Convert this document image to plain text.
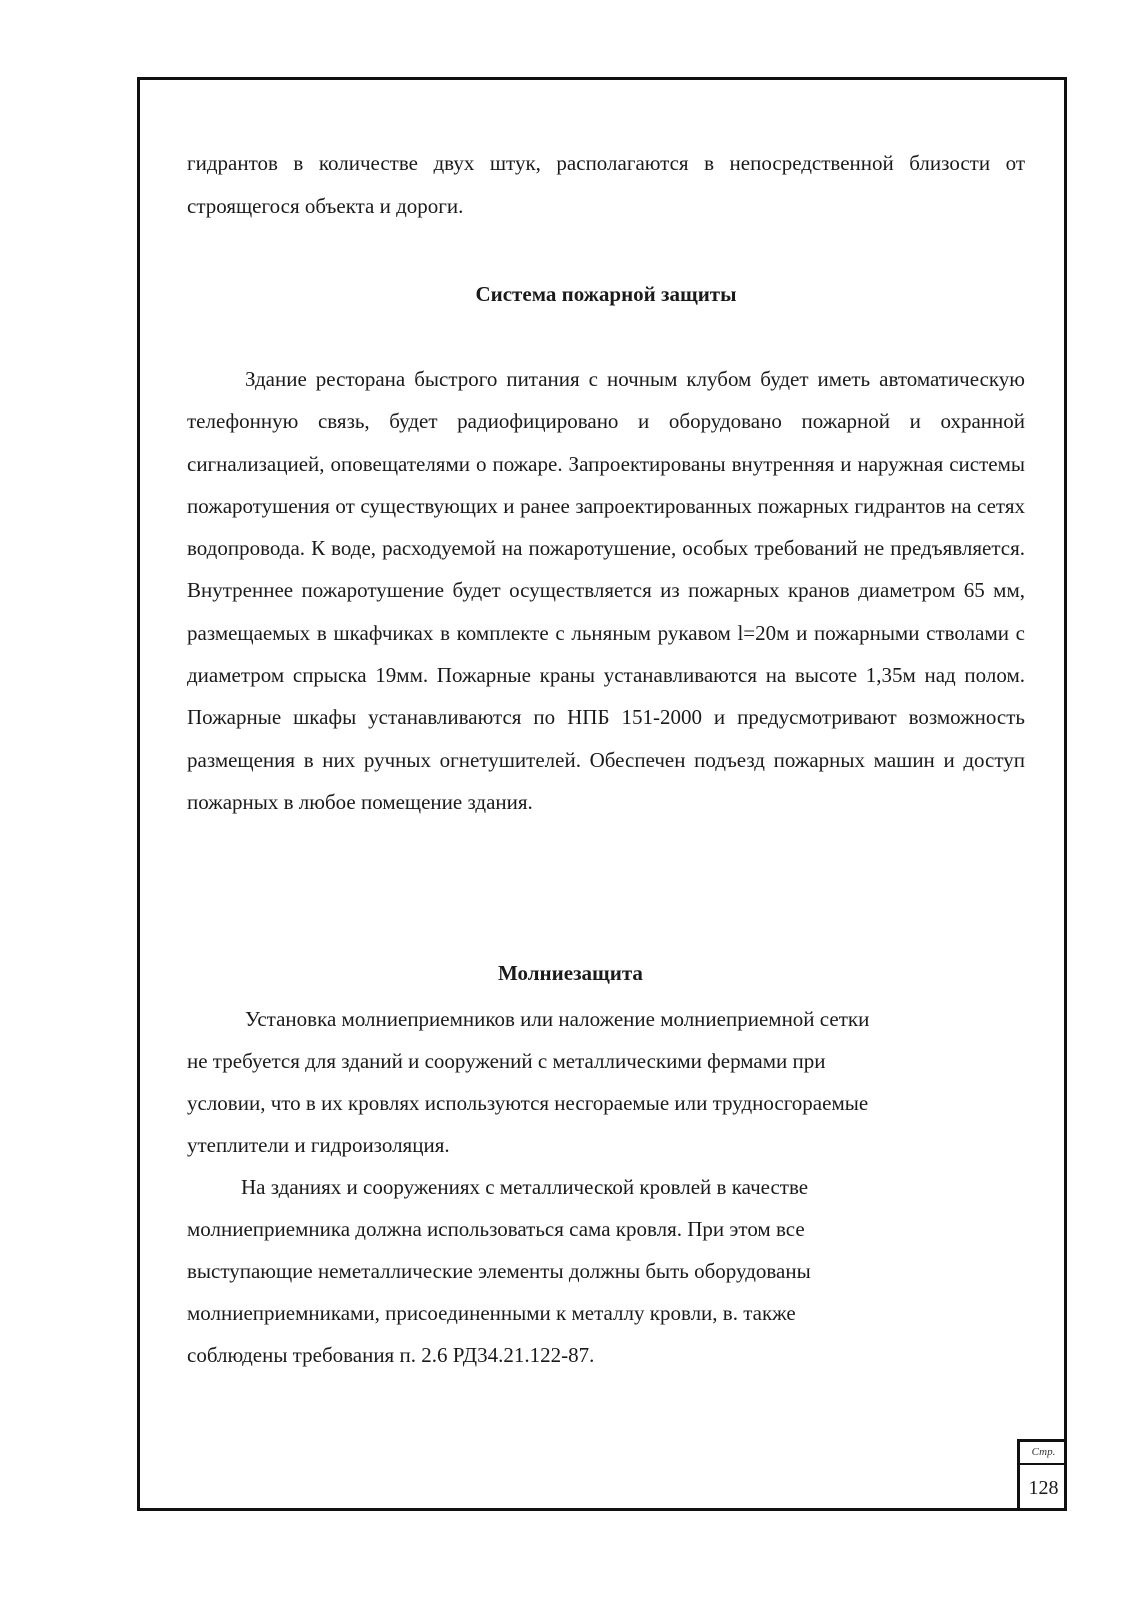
гидрантов в количестве двух штук, располагаются в непосредственной близости от строящегося объекта и дороги.

Система пожарной защиты

Здание ресторана быстрого питания с ночным клубом будет иметь автоматическую телефонную связь, будет радиофицировано и оборудовано пожарной и охранной сигнализацией, оповещателями о пожаре. Запроектированы внутренняя и наружная системы пожаротушения от существующих и ранее запроектированных пожарных гидрантов на сетях водопровода. К воде, расходуемой на пожаротушение, особых требований не предъявляется. Внутреннее пожаротушение будет осуществляется из пожарных кранов диаметром 65 мм, размещаемых в шкафчиках в комплекте с льняным рукавом l=20м и пожарными стволами с диаметром спрыска 19мм. Пожарные краны устанавливаются на высоте 1,35м над полом. Пожарные шкафы устанавливаются по НПБ 151-2000 и предусмотривают возможность размещения в них ручных огнетушителей. Обеспечен подъезд пожарных машин и доступ пожарных в любое помещение здания.

Молниезащита
Установка молниеприемников или наложение молниеприемной сетки
не требуется для зданий и сооружений с металлическими фермами при
условии, что в их кровлях используются несгораемые или трудносгораемые
утеплители и гидроизоляция.
На зданиях и сооружениях с металлической кровлей в качестве
молниеприемника должна использоваться сама кровля. При этом все
выступающие неметаллические элементы должны быть оборудованы
молниеприемниками, присоединенными к металлу кровли, в. также
соблюдены требования п. 2.6 РД34.21.122-87.
Стр.
128
